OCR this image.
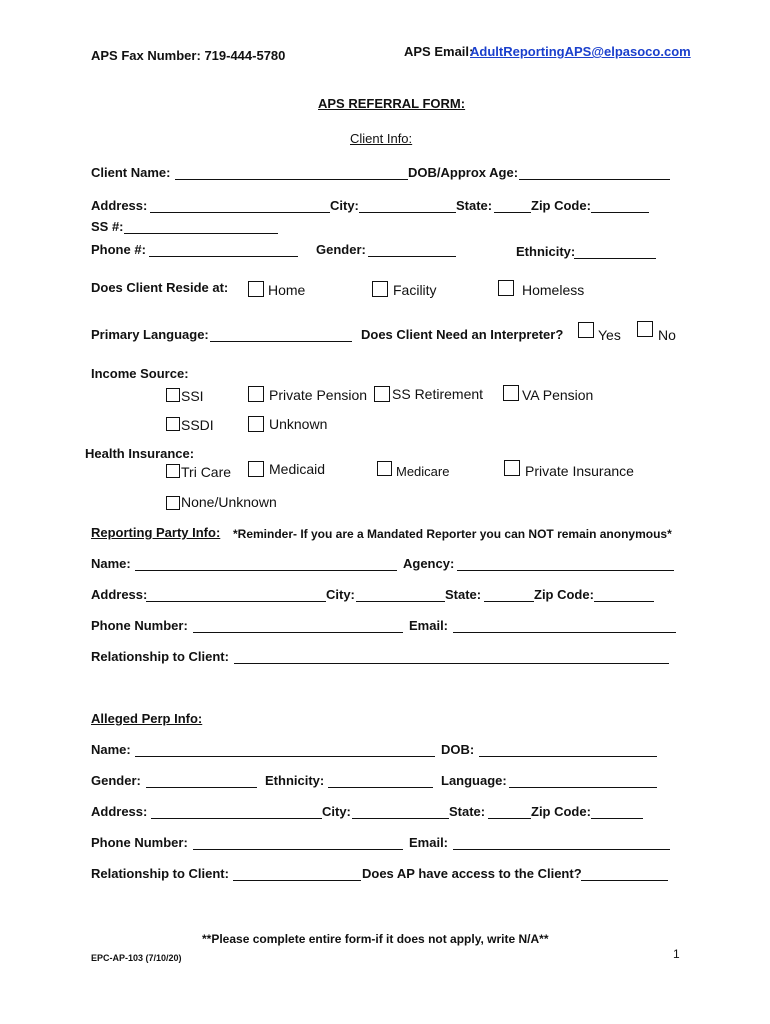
APS Fax Number: 719-444-5780	APS Email:
AdultReportingAPS@elpasoco.com
APS REFERRAL FORM:
Client Info:
Client Name:	DOB/Approx Age:
Address:	City:	State:	Zip Code:
SS #:
Phone #:	Gender:	Ethnicity:
Does Client Reside at:	Home	Facility	Homeless
Primary Language:	Does Client Need an Interpreter? Yes	No
Income Source:
SSI	Private Pension SS Retirement	VA Pension
SSDI	Unknown
Health Insurance:
Tri Care	Medicaid	Medicare	Private Insurance
None/Unknown
Reporting Party Info: *Reminder- If you are a Mandated Reporter you can NOT remain anonymous*
Name:	Agency:
Address:	City:	State:	Zip Code:
Phone Number:	Email:
Relationship to Client:
Alleged Perp Info:
Name:	DOB:
Gender:	Ethnicity:	Language:
Address:	City:	State:	Zip Code:
Phone Number:	Email:
Relationship to Client:	Does AP have access to the Client?
**Please complete entire form-if it does not apply, write N/A**
EPC-AP-103 (7/10/20)	1
